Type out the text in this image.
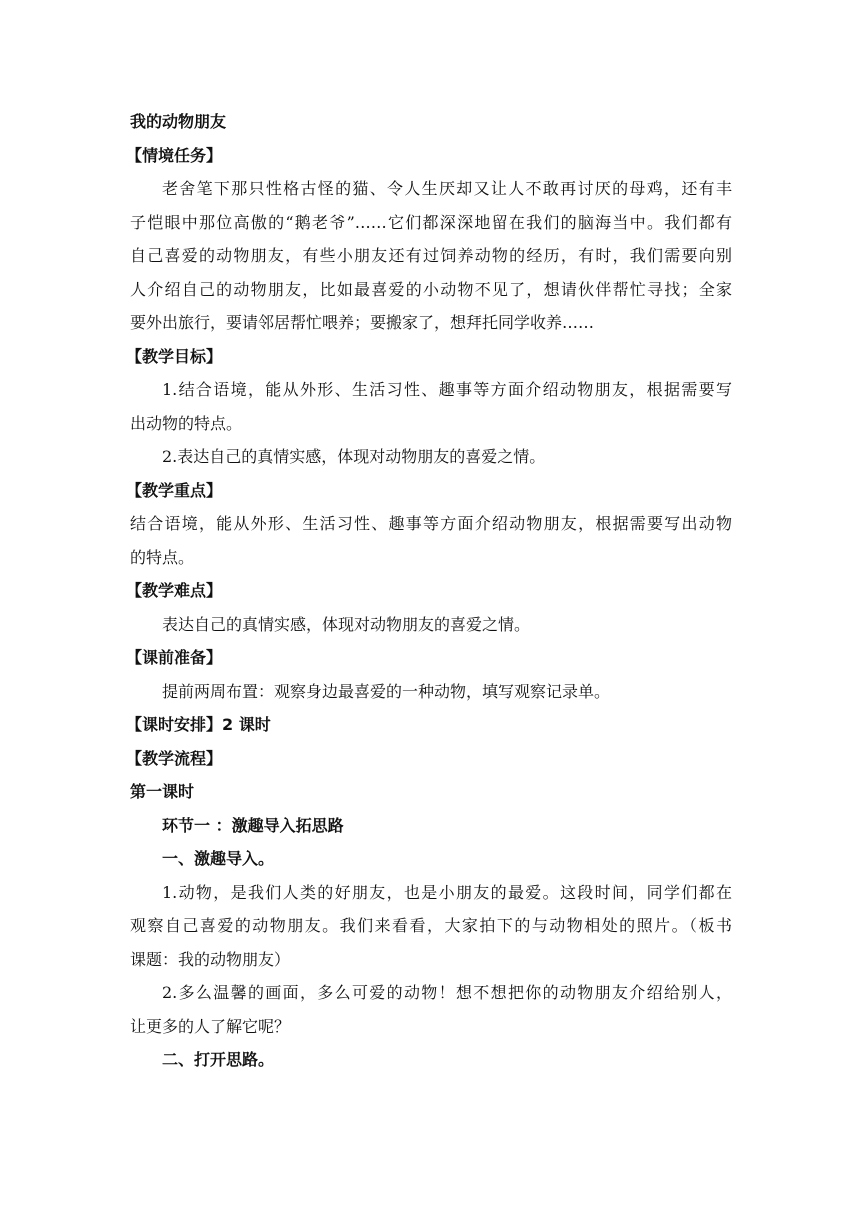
我的动物朋友

【情境任务】

老舍笔下那只性格古怪的猫、令人生厌却又让人不敢再讨厌的母鸡，还有丰

子恺眼中那位高傲的“鹅老爷”……它们都深深地留在我们的脑海当中。我们都有

自己喜爱的动物朋友，有些小朋友还有过饲养动物的经历，有时，我们需要向别

人介绍自己的动物朋友，比如最喜爱的小动物不见了，想请伙伴帮忙寻找；全家

要外出旅行，要请邻居帮忙喂养；要搬家了，想拜托同学收养……

【教学目标】

1.结合语境，能从外形、生活习性、趣事等方面介绍动物朋友，根据需要写

出动物的特点。

2.表达自己的真情实感，体现对动物朋友的喜爱之情。

【教学重点】

结合语境，能从外形、生活习性、趣事等方面介绍动物朋友，根据需要写出动物

的特点。

【教学难点】

表达自己的真情实感，体现对动物朋友的喜爱之情。

【课前准备】

提前两周布置：观察身边最喜爱的一种动物，填写观察记录单。

【课时安排】2 课时

【教学流程】

第一课时

环节一 ：激趣导入拓思路

一、激趣导入。

1.动物，是我们人类的好朋友，也是小朋友的最爱。这段时间，同学们都在

观察自己喜爱的动物朋友。我们来看看，大家拍下的与动物相处的照片。（板书

课题：我的动物朋友）

2.多么温馨的画面，多么可爱的动物！想不想把你的动物朋友介绍给别人，

让更多的人了解它呢？

二、打开思路。
